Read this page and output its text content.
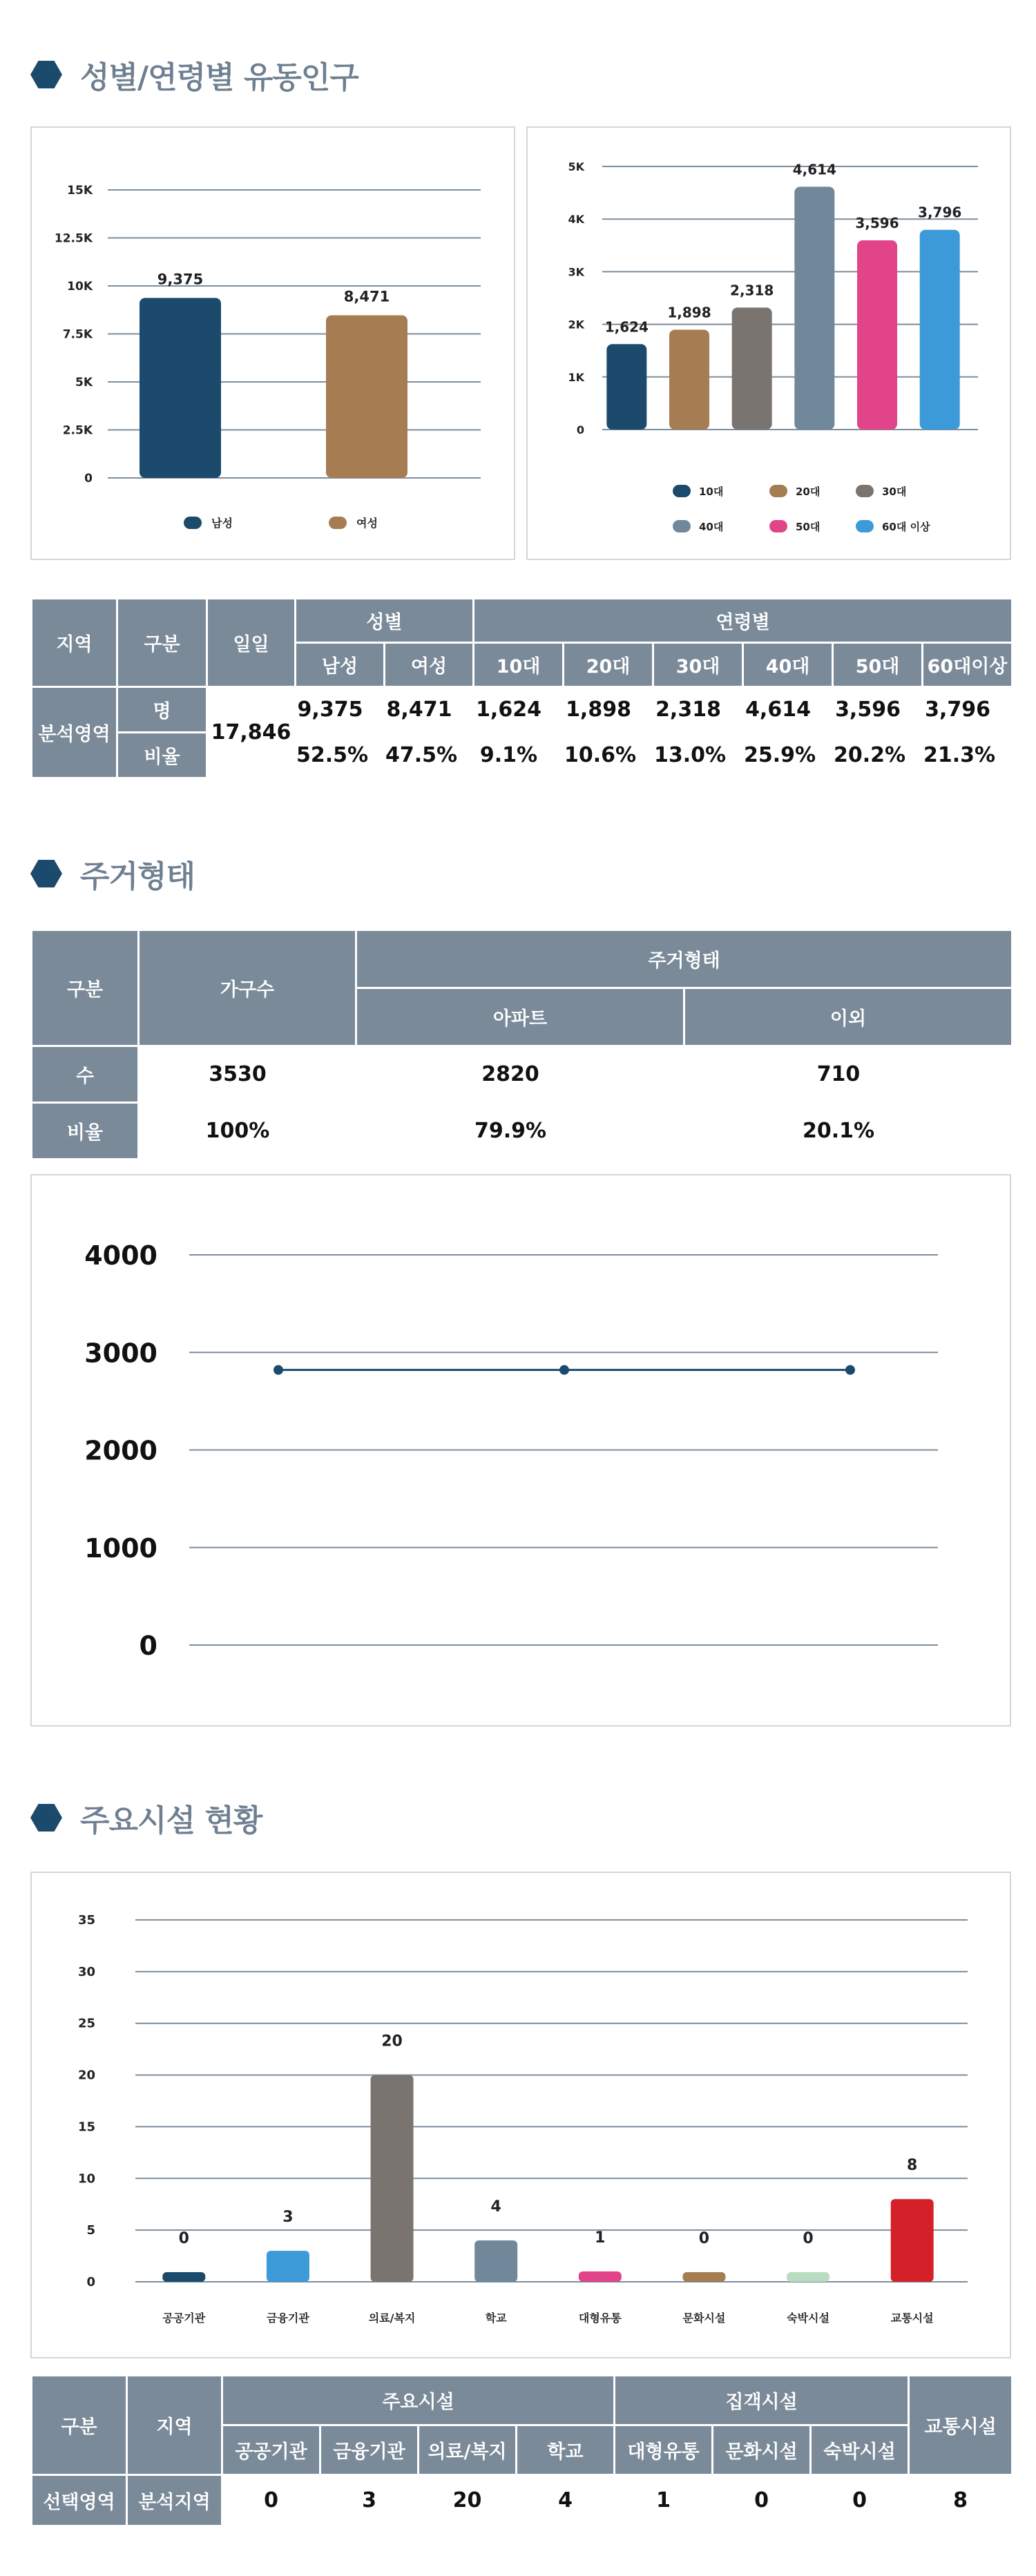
성별/연령별 유동인구
0
2.5K
5K
7.5K
10K
12.5K
15K
9,375
8,471
남성	여성
0
1K
2K
3K
4K
5K
1,624
1,898
2,318
4,614
3,596
3,796
10대	20대	30대
40대	50대	60대 이상
지역	구분	일일	성별		연령별					
			남성	여성	10대	20대	30대	40대	50대	60대이상
분석영역	명	17,846	9,375	8,471	1,624	1,898	2,318	4,614	3,596	3,796
	비율		52.5%	47.5%	9.1%	10.6%	13.0%	25.9%	20.2%	21.3%
주거형태
구분	가구수	주거형태	
		아파트	이외
수	3530	2820	710
비율	100%	79.9%	20.1%
0
1000
2000
3000
4000
주요시설 현황
0
5
10
15
20
25
30
35
0
공공기관
3
금융기관
20
의료/복지
4
학교
1
대형유통
0
문화시설
0
숙박시설
8
교통시설
구분	지역	주요시설				집객시설			교통시설
		공공기관	금융기관	의료/복지	학교	대형유통	문화시설	숙박시설	
선택영역	분석지역	0	3	20	4	1	0	0	8
